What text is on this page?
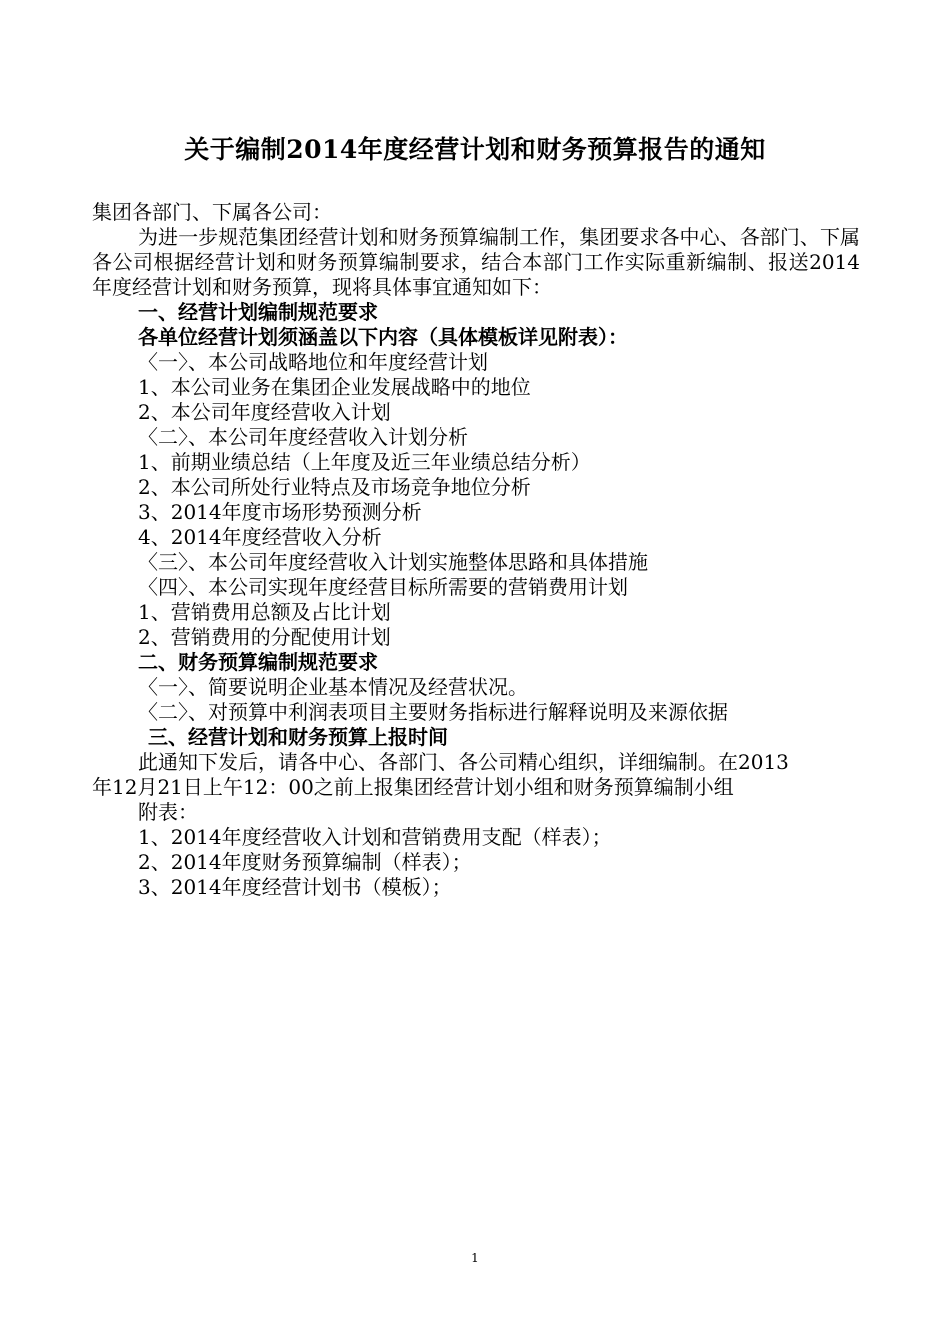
关于编制2014年度经营计划和财务预算报告的通知

集团各部门、下属各公司：

为进一步规范集团经营计划和财务预算编制工作，集团要求各中心、各部门、下属各公司根据经营计划和财务预算编制要求，结合本部门工作实际重新编制、报送2014年度经营计划和财务预算，现将具体事宜通知如下：

一、经营计划编制规范要求

各单位经营计划须涵盖以下内容（具体模板详见附表）：

〈一〉、本公司战略地位和年度经营计划

1、本公司业务在集团企业发展战略中的地位

2、本公司年度经营收入计划

〈二〉、本公司年度经营收入计划分析

1、前期业绩总结（上年度及近三年业绩总结分析）

2、本公司所处行业特点及市场竞争地位分析

3、2014年度市场形势预测分析

4、2014年度经营收入分析

〈三〉、本公司年度经营收入计划实施整体思路和具体措施

〈四〉、本公司实现年度经营目标所需要的营销费用计划

1、营销费用总额及占比计划

2、营销费用的分配使用计划

二、财务预算编制规范要求

〈一〉、简要说明企业基本情况及经营状况。

〈二〉、对预算中利润表项目主要财务指标进行解释说明及来源依据

三、经营计划和财务预算上报时间

此通知下发后，请各中心、各部门、各公司精心组织，详细编制。在2013

年12月21日上午12：00之前上报集团经营计划小组和财务预算编制小组

附表：

1、2014年度经营收入计划和营销费用支配（样表）；

2、2014年度财务预算编制（样表）；

3、2014年度经营计划书（模板）；

1
